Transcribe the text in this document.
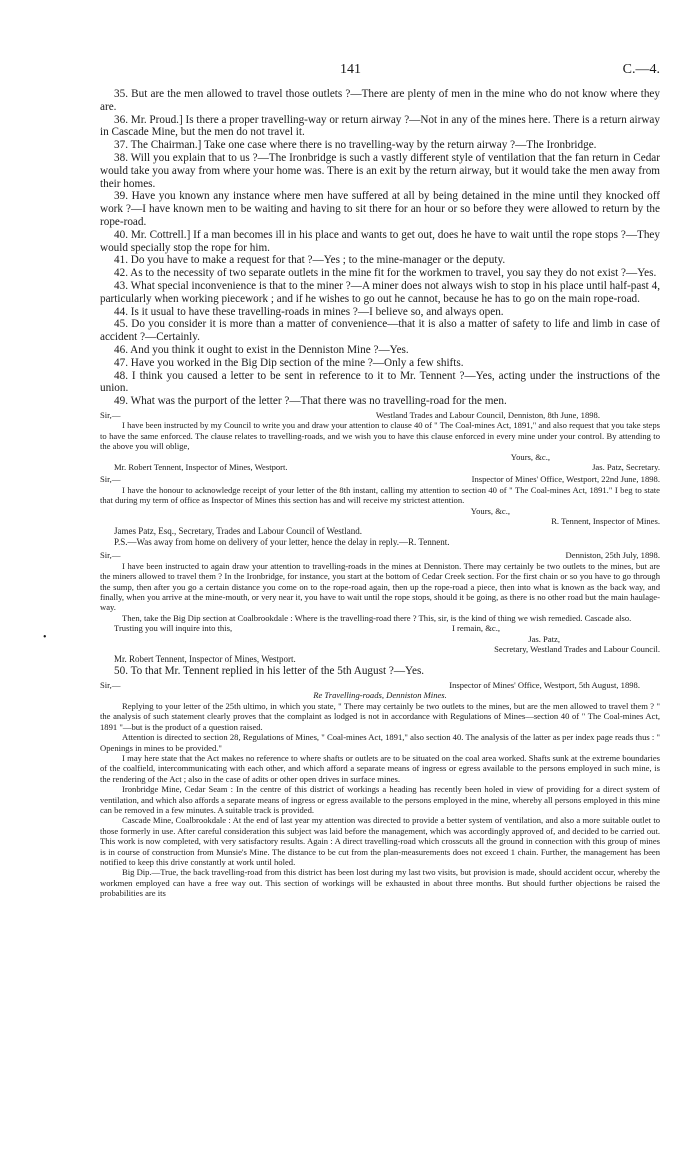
141	C.—4.
•

35. But are the men allowed to travel those outlets ?—There are plenty of men in the mine who do not know where they are.

36. Mr. Proud.] Is there a proper travelling-way or return airway ?—Not in any of the mines here. There is a return airway in Cascade Mine, but the men do not travel it.

37. The Chairman.] Take one case where there is no travelling-way by the return airway ?—The Ironbridge.

38. Will you explain that to us ?—The Ironbridge is such a vastly different style of ventilation that the fan return in Cedar would take you away from where your home was. There is an exit by the return airway, but it would take the men away from their homes.

39. Have you known any instance where men have suffered at all by being detained in the mine until they knocked off work ?—I have known men to be waiting and having to sit there for an hour or so before they were allowed to return by the rope-road.

40. Mr. Cottrell.] If a man becomes ill in his place and wants to get out, does he have to wait until the rope stops ?—They would specially stop the rope for him.

41. Do you have to make a request for that ?—Yes ; to the mine-manager or the deputy.

42. As to the necessity of two separate outlets in the mine fit for the workmen to travel, you say they do not exist ?—Yes.

43. What special inconvenience is that to the miner ?—A miner does not always wish to stop in his place until half-past 4, particularly when working piecework ; and if he wishes to go out he cannot, because he has to go on the main rope-road.

44. Is it usual to have these travelling-roads in mines ?—I believe so, and always open.

45. Do you consider it is more than a matter of convenience—that it is also a matter of safety to life and limb in case of accident ?—Certainly.

46. And you think it ought to exist in the Denniston Mine ?—Yes.

47. Have you worked in the Big Dip section of the mine ?—Only a few shifts.

48. I think you caused a letter to be sent in reference to it to Mr. Tennent ?—Yes, acting under the instructions of the union.

49. What was the purport of the letter ?—That there was no travelling-road for the men.

Sir,—	Westland Trades and Labour Council, Denniston, 8th June, 1898.

I have been instructed by my Council to write you and draw your attention to clause 40 of " The Coal-mines Act, 1891," and also request that you take steps to have the same enforced. The clause relates to travelling-roads, and we wish you to have this clause enforced in every mine under your control. By attending to the above you will oblige,

Yours, &c.,
Mr. Robert Tennent, Inspector of Mines, Westport.	Jas. Patz, Secretary.
Sir,—	Inspector of Mines' Office, Westport, 22nd June, 1898.

I have the honour to acknowledge receipt of your letter of the 8th instant, calling my attention to section 40 of " The Coal-mines Act, 1891." I beg to state that during my term of office as Inspector of Mines this section has and will receive my strictest attention.

Yours, &c.,
R. Tennent, Inspector of Mines.

James Patz, Esq., Secretary, Trades and Labour Council of Westland.

P.S.—Was away from home on delivery of your letter, hence the delay in reply.—R. Tennent.

Sir,—	Denniston, 25th July, 1898.

I have been instructed to again draw your attention to travelling-roads in the mines at Denniston. There may certainly be two outlets to the mines, but are the miners allowed to travel them ? In the Ironbridge, for instance, you start at the bottom of Cedar Creek section. For the first chain or so you have to go through the sump, then after you go a certain distance you come on to the rope-road again, then up the rope-road a piece, then into what is known as the back way, and finally, when you arrive at the mine-mouth, or very near it, you have to wait until the rope stops, should it be going, as there is no other road but the main haulage-way.

Then, take the Big Dip section at Coalbrookdale : Where is the travelling-road there ? This, sir, is the kind of thing we wish remedied. Cascade also.

Trusting you will inquire into this,	I remain, &c.,
Jas. Patz,
Secretary, Westland Trades and Labour Council.

Mr. Robert Tennent, Inspector of Mines, Westport.

50. To that Mr. Tennent replied in his letter of the 5th August ?—Yes.

Sir,—	Inspector of Mines' Office, Westport, 5th August, 1898.

Re Travelling-roads, Denniston Mines.

Replying to your letter of the 25th ultimo, in which you state, " There may certainly be two outlets to the mines, but are the men allowed to travel them ? " the analysis of such statement clearly proves that the complaint as lodged is not in accordance with Regulations of Mines—section 40 of " The Coal-mines Act, 1891 "—but is the product of a question raised.

Attention is directed to section 28, Regulations of Mines, " Coal-mines Act, 1891," also section 40. The analysis of the latter as per index page reads thus : " Openings in mines to be provided."

I may here state that the Act makes no reference to where shafts or outlets are to be situated on the coal area worked. Shafts sunk at the extreme boundaries of the coalfield, intercommunicating with each other, and which afford a separate means of ingress or egress available to the persons employed in such mine, is the rendering of the Act ; also in the case of adits or other open drives in surface mines.

Ironbridge Mine, Cedar Seam : In the centre of this district of workings a heading has recently been holed in view of providing for a direct system of ventilation, and which also affords a separate means of ingress or egress available to the persons employed in the mine, whereby all persons employed in this mine can be removed in a few minutes. A suitable track is provided.

Cascade Mine, Coalbrookdale : At the end of last year my attention was directed to provide a better system of ventilation, and also a more suitable outlet to those formerly in use. After careful consideration this subject was laid before the management, which was accordingly approved of, and decided to be carried out. This work is now completed, with very satisfactory results. Again : A direct travelling-road which crosscuts all the ground in connection with this group of mines is in course of construction from Munsie's Mine. The distance to be cut from the plan-measurements does not exceed 1 chain. Further, the management has been notified to keep this drive constantly at work until holed.

Big Dip.—True, the back travelling-road from this district has been lost during my last two visits, but provision is made, should accident occur, whereby the workmen employed can have a free way out. This section of workings will be exhausted in about three months. But should further objections be raised the probabilities are its
